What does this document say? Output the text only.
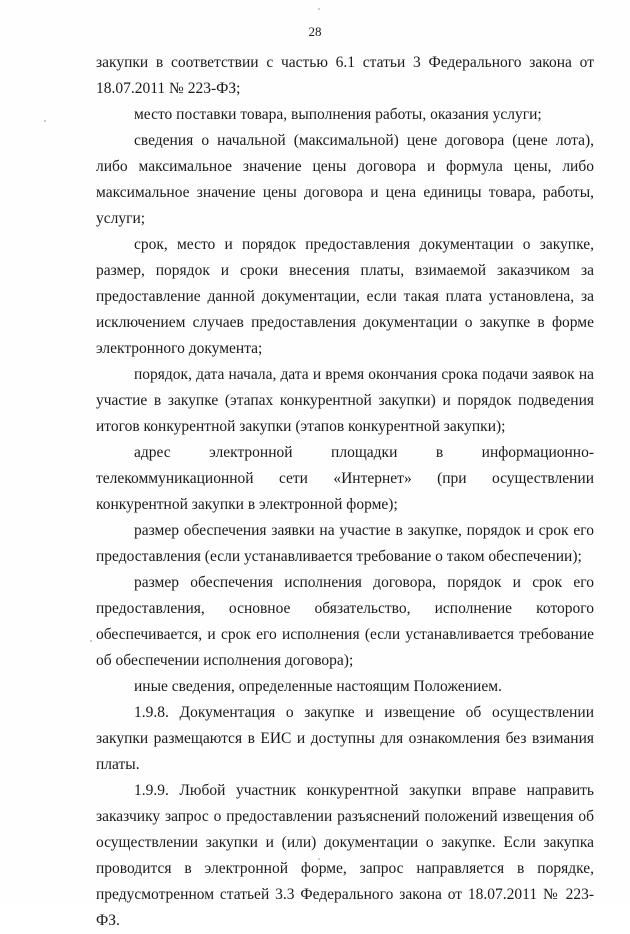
28

закупки в соответствии с частью 6.1 статьи 3 Федерального закона от 18.07.2011 № 223-ФЗ;

место поставки товара, выполнения работы, оказания услуги;

сведения о начальной (максимальной) цене договора (цене лота), либо максимальное значение цены договора и формула цены, либо максимальное значение цены договора и цена единицы товара, работы, услуги;

срок, место и порядок предоставления документации о закупке, размер, порядок и сроки внесения платы, взимаемой заказчиком за предоставление данной документации, если такая плата установлена, за исключением случаев предоставления документации о закупке в форме электронного документа;

порядок, дата начала, дата и время окончания срока подачи заявок на участие в закупке (этапах конкурентной закупки) и порядок подведения итогов конкурентной закупки (этапов конкурентной закупки);

адрес электронной площадки в информационно-телекоммуникационной сети «Интернет» (при осуществлении конкурентной закупки в электронной форме);

размер обеспечения заявки на участие в закупке, порядок и срок его предоставления (если устанавливается требование о таком обеспечении);

размер обеспечения исполнения договора, порядок и срок его предоставления, основное обязательство, исполнение которого обеспечивается, и срок его исполнения (если устанавливается требование об обеспечении исполнения договора);

иные сведения, определенные настоящим Положением.

1.9.8. Документация о закупке и извещение об осуществлении закупки размещаются в ЕИС и доступны для ознакомления без взимания платы.

1.9.9. Любой участник конкурентной закупки вправе направить заказчику запрос о предоставлении разъяснений положений извещения об осуществлении закупки и (или) документации о закупке. Если закупка проводится в электронной форме, запрос направляется в порядке, предусмотренном статьей 3.3 Федерального закона от 18.07.2011 № 223-ФЗ.
